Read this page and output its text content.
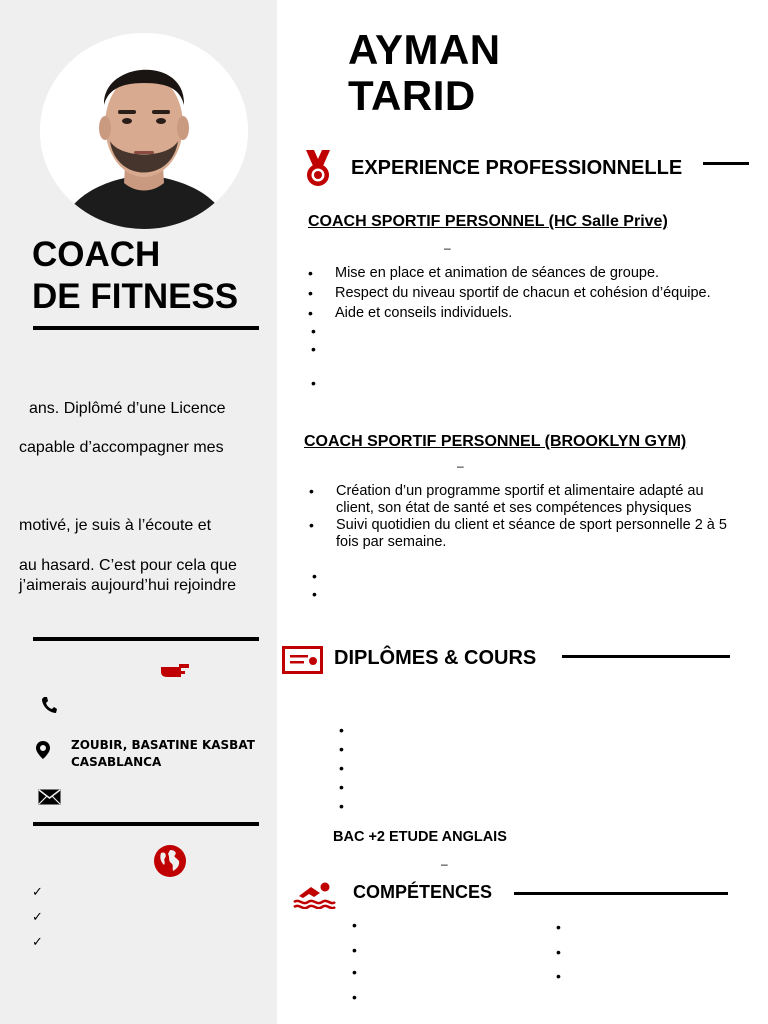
COACH
DE FITNESS
ans. Diplômé d’une Licence
capable d’accompagner mes
motivé, je suis à l’écoute et
au hasard. C’est pour cela que
j’aimerais aujourd’hui rejoindre
ZOUBIR, BASATINE KASBAT
CASABLANCA
✓
✓
✓
AYMAN
TARID
EXPERIENCE PROFESSIONNELLE
COACH SPORTIF PERSONNEL (HC Salle Prive)
–
• Mise en place et animation de séances de groupe.
• Respect du niveau sportif de chacun et cohésion d’équipe.
• Aide et conseils individuels.
•
•
•
COACH SPORTIF PERSONNEL (BROOKLYN GYM)
–
• Création d’un programme sportif et alimentaire adapté au client, son état de santé et ses compétences physiques
• Suivi quotidien du client et séance de sport personnelle 2 à 5 fois par semaine.
•
•
DIPLÔMES & COURS
•
•
•
•
•
BAC +2 ETUDE ANGLAIS
–
COMPÉTENCES
•
•
•
•
•
•
•
